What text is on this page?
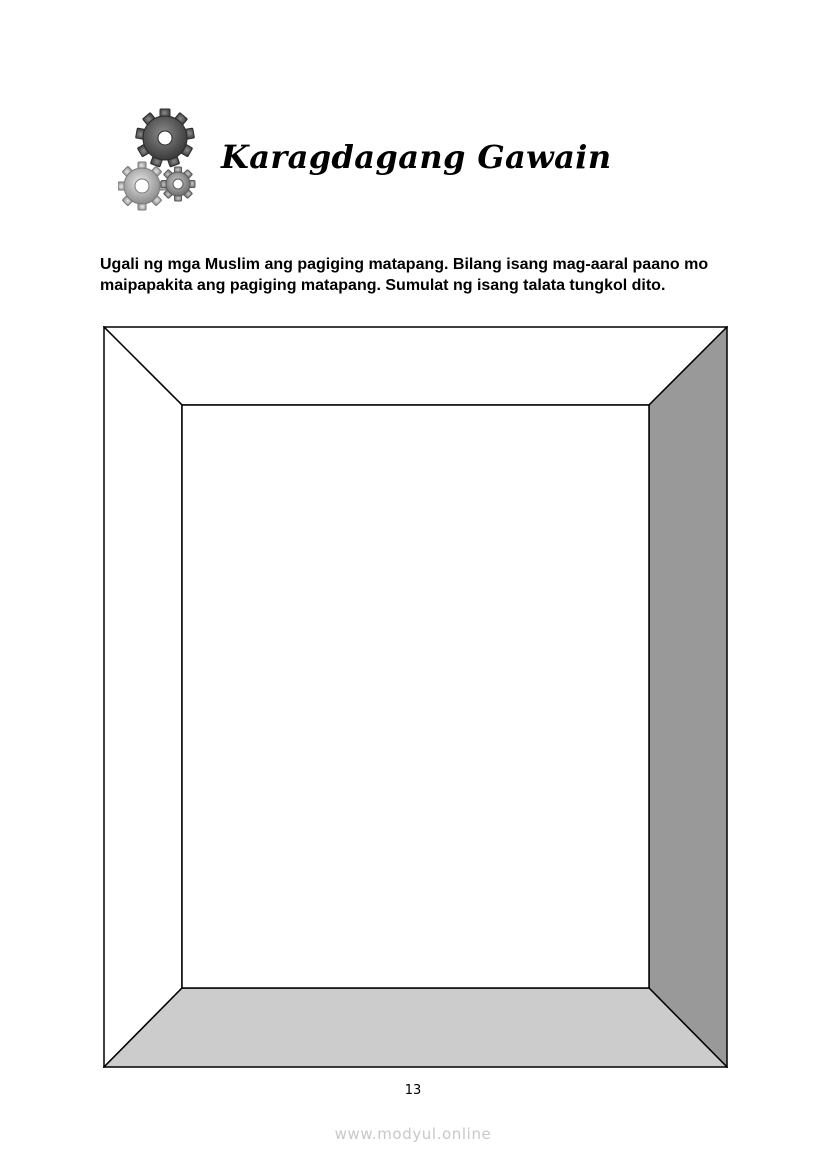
Karagdagang Gawain
Ugali ng mga Muslim ang pagiging matapang. Bilang isang mag-aaral paano mo
maipapakita ang pagiging matapang. Sumulat ng isang talata tungkol dito.
13
www.modyul.online
